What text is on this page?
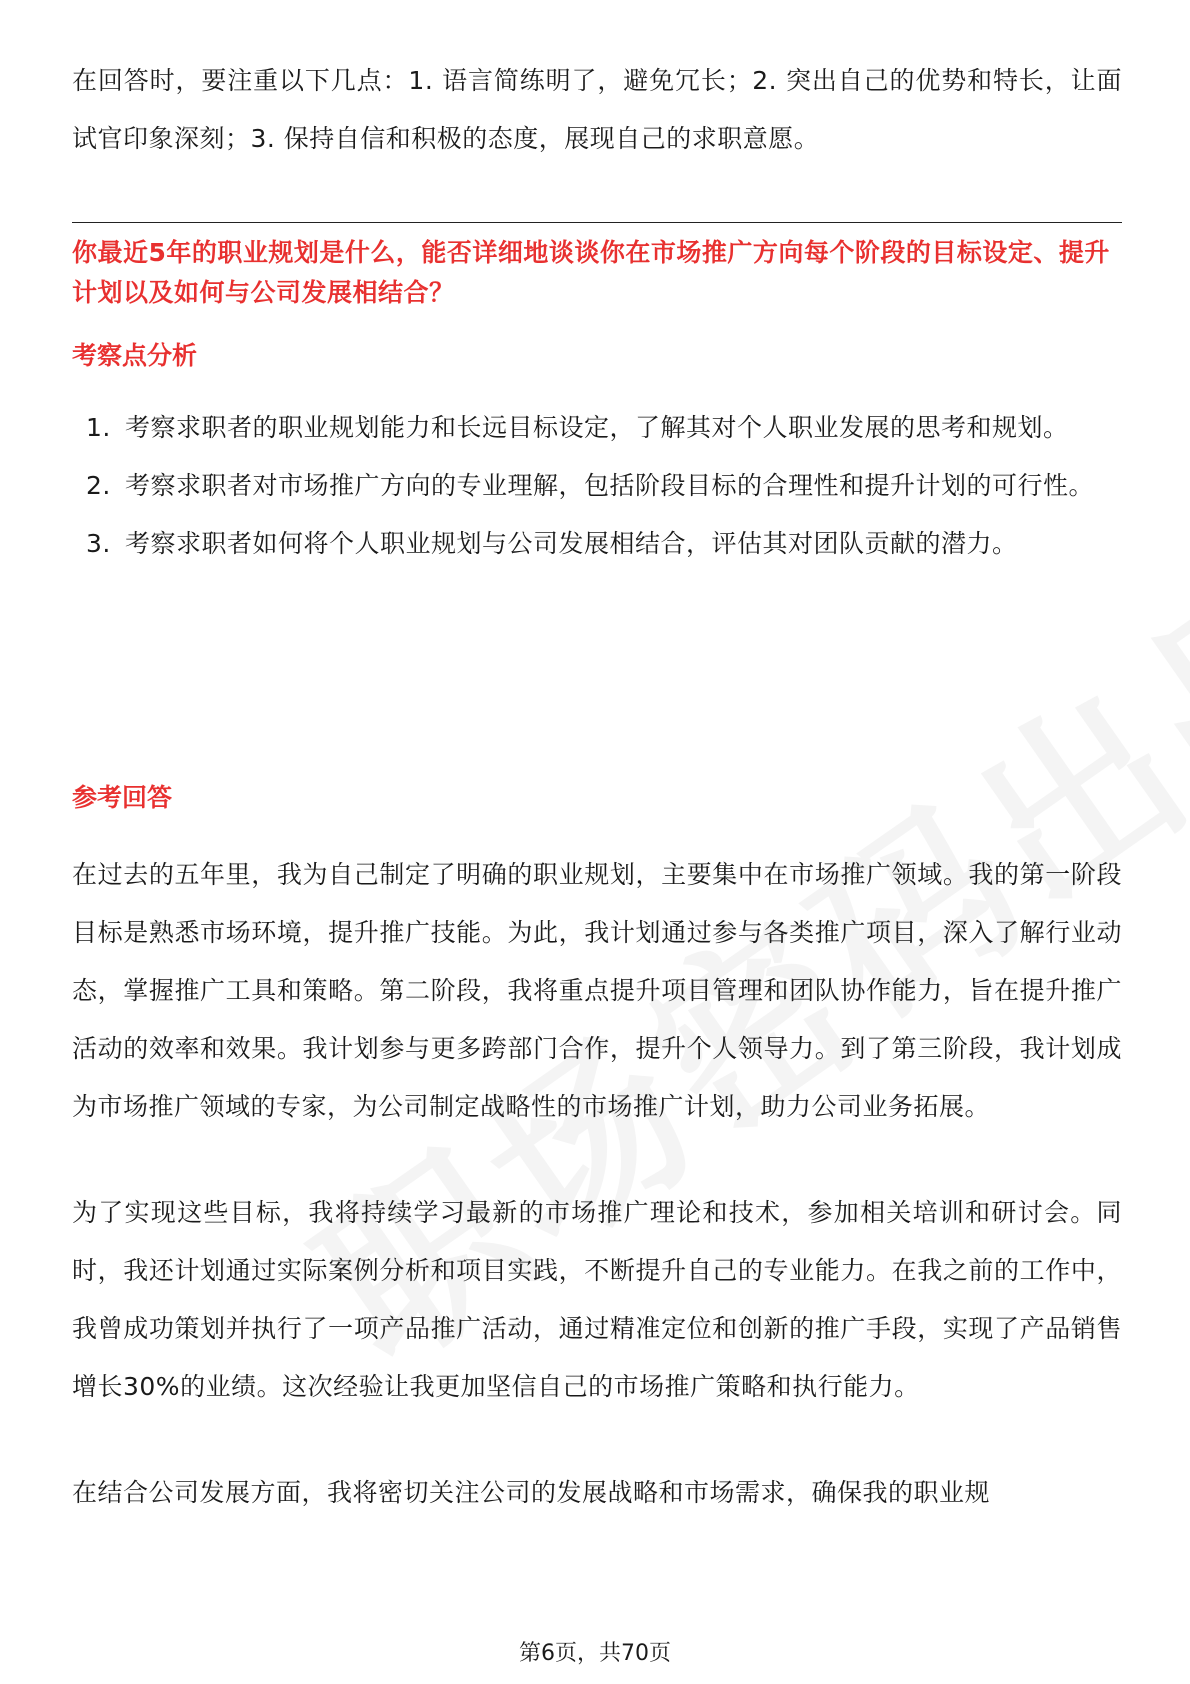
在回答时，要注重以下几点：1. 语言简练明了，避免冗长；2. 突出自己的优势和特长，让面试官印象深刻；3. 保持自信和积极的态度，展现自己的求职意愿。

你最近5年的职业规划是什么，能否详细地谈谈你在市场推广方向每个阶段的目标设定、提升计划以及如何与公司发展相结合？

考察点分析

1. 考察求职者的职业规划能力和长远目标设定，了解其对个人职业发展的思考和规划。
2. 考察求职者对市场推广方向的专业理解，包括阶段目标的合理性和提升计划的可行性。
3. 考察求职者如何将个人职业规划与公司发展相结合，评估其对团队贡献的潜力。

参考回答

在过去的五年里，我为自己制定了明确的职业规划，主要集中在市场推广领域。我的第一阶段目标是熟悉市场环境，提升推广技能。为此，我计划通过参与各类推广项目，深入了解行业动态，掌握推广工具和策略。第二阶段，我将重点提升项目管理和团队协作能力，旨在提升推广活动的效率和效果。我计划参与更多跨部门合作，提升个人领导力。到了第三阶段，我计划成为市场推广领域的专家，为公司制定战略性的市场推广计划，助力公司业务拓展。

为了实现这些目标，我将持续学习最新的市场推广理论和技术，参加相关培训和研讨会。同时，我还计划通过实际案例分析和项目实践，不断提升自己的专业能力。在我之前的工作中，我曾成功策划并执行了一项产品推广活动，通过精准定位和创新的推广手段，实现了产品销售增长30%的业绩。这次经验让我更加坚信自己的市场推广策略和执行能力。

在结合公司发展方面，我将密切关注公司的发展战略和市场需求，确保我的职业规

第6页，共70页
